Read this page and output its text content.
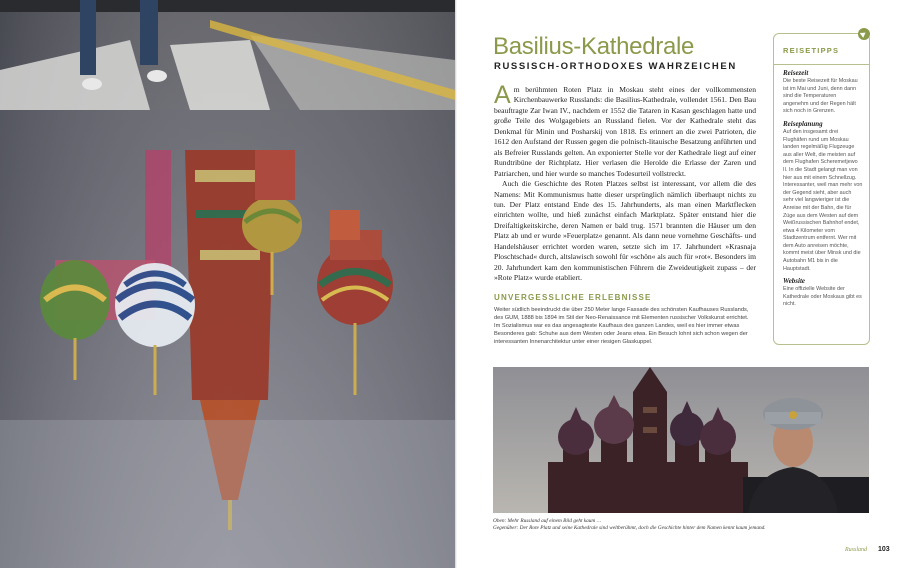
Basilius-Kathedrale
RUSSISCH-ORTHODOXES WAHRZEICHEN

Am berühmten Roten Platz in Moskau steht eines der vollkommensten Kirchenbauwerke Russlands: die Basilius-Kathedrale, vollendet 1561. Den Bau beauftragte Zar Iwan IV., nachdem er 1552 die Tataren in Kasan geschlagen hatte und große Teile des Wolgagebiets an Russland fielen. Vor der Kathedrale steht das Denkmal für Minin und Posharskij von 1818. Es erinnert an die zwei Patrioten, die 1612 den Aufstand der Russen gegen die polnisch-litauische Besatzung anführten und als Befreier Russlands gelten. An exponierter Stelle vor der Kathedrale liegt auf einer Rundtribüne der Richtplatz. Hier verlasen die Herolde die Erlasse der Zaren und Patriarchen, und hier wurde so manches Todesurteil vollstreckt.

Auch die Geschichte des Roten Platzes selbst ist interessant, vor allem die des Namens: Mit Kommunismus hatte dieser ursprünglich nämlich überhaupt nichts zu tun. Der Platz entstand Ende des 15. Jahrhunderts, als man einen Marktflecken einrichten wollte, und hieß zunächst einfach Marktplatz. Später entstand hier die Dreifaltigkeitskirche, deren Namen er bald trug. 1571 brannten die Häuser um den Platz ab und er wurde »Feuerplatz« genannt. Als dann neue vornehme Geschäfts- und Handelshäuser errichtet worden waren, setzte sich im 17. Jahrhundert »Krasnaja Ploschtschad« durch, altslawisch sowohl für »schön« als auch für »rot«. Besonders im 20. Jahrhundert kam den kommunistischen Führern die Zweideutigkeit zupass – der »Rote Platz« wurde etabliert.

UNVERGESSLICHE ERLEBNISSE

Weiter südlich beeindruckt die über 250 Meter lange Fassade des schönsten Kaufhauses Russlands, des GUM, 1888 bis 1894 im Stil der Neo-Renaissance mit Elementen russischer Volkskunst errichtet. Im Sozialismus war es das angesagteste Kaufhaus des ganzen Landes, weil es hier immer etwas Besonderes gab: Schuhe aus dem Westen oder Jeans etwa. Ein Besuch lohnt sich schon wegen der interessanten Innenarchitektur unter einer riesigen Glaskuppel.

REISETIPPS

Reisezeit

Die beste Reisezeit für Moskau ist im Mai und Juni, denn dann sind die Temperaturen angenehm und der Regen hält sich noch in Grenzen.

Reiseplanung

Auf den insgesamt drei Flughäfen rund um Moskau landen regelmäßig Flugzeuge aus aller Welt, die meisten auf dem Flughafen Scheremetjewo II. In die Stadt gelangt man von hier aus mit einem Schnellzug. Interessanter, weil man mehr von der Gegend sieht, aber auch sehr viel langwieriger ist die Anreise mit der Bahn, die für Züge aus dem Westen auf dem Weißrussischen Bahnhof endet, etwa 4 Kilometer vom Stadtzentrum entfernt. Wer mit dem Auto anreisen möchte, kommt meist über Minsk und die Autobahn M1 bis in die Hauptstadt.

Website

Eine offizielle Website der Kathedrale oder Moskaus gibt es nicht.

Oben: Mehr Russland auf einem Bild geht kaum …
Gegenüber: Der Rote Platz und seine Kathedrale sind weltberühmt, doch die Geschichte hinter dem Namen kennt kaum jemand.

Russland 103
